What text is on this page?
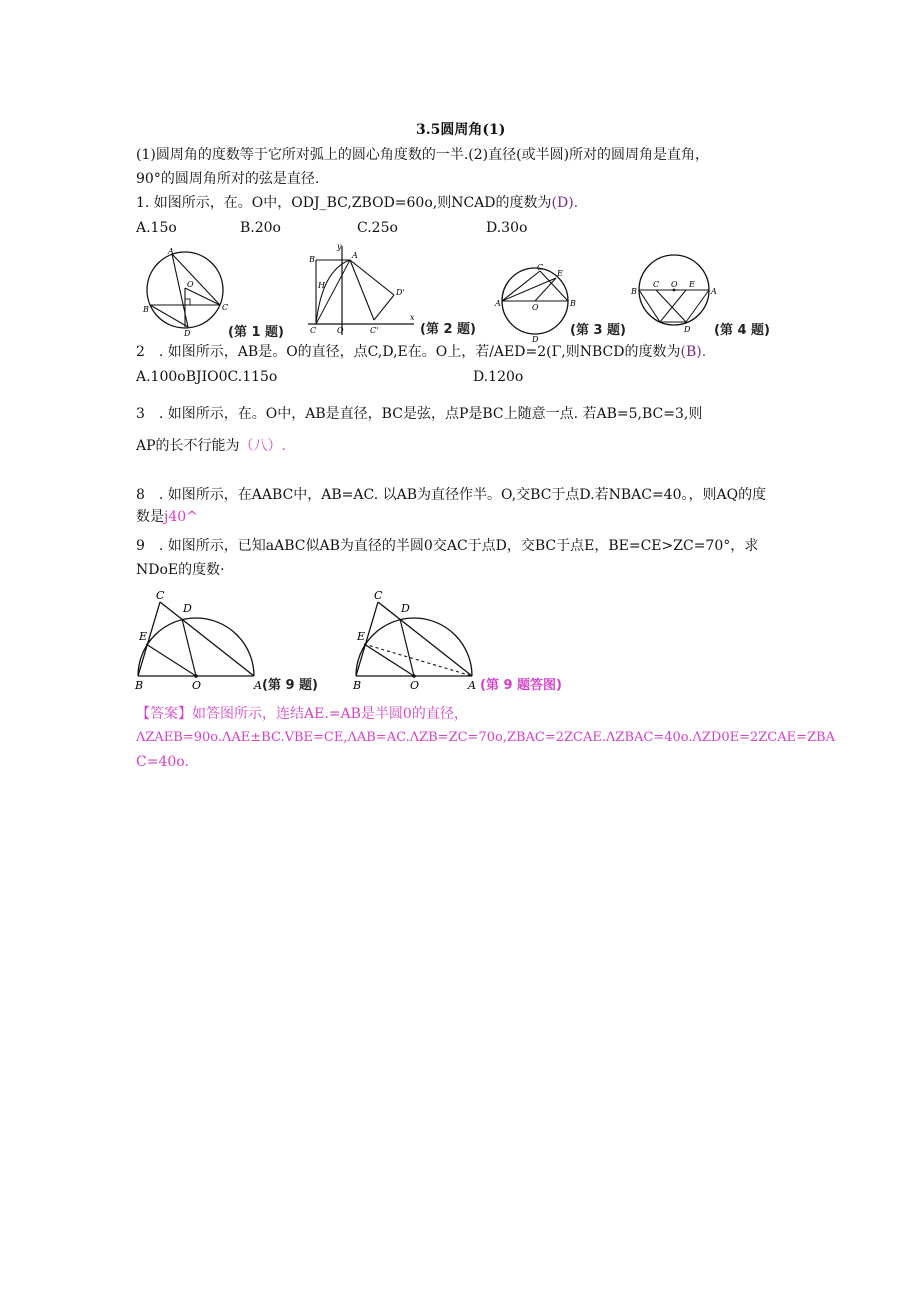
3.5圆周角(1)
(1)圆周角的度数等于它所对弧上的圆心角度数的一半.(2)直径(或半圆)所对的圆周角是直角，
90°的圆周角所对的弦是直径.
1. 如图所示，在。O中，ODJ_BC,ZBOD=60o,则NCAD的度数为(D).
A.15o	B.20o	C.25o	D.30o
A
O
B	C
D	(第 1 题)
y
B	A
H
D'
C	O	C'
x
(第 2 题)
C
E
A	O	B
D
(第 3 题)
B
C O E
A
D (第 4 题)
2　. 如图所示，AB是。O的直径，点C,D,E在。O上，若/AED=2(Γ,则NBCD的度数为(B).
A.100oBJIO0C.115o	D.120o
3　. 如图所示，在。O中，AB是直径，BC是弦，点P是BC上随意一点. 若AB=5,BC=3,则
AP的长不行能为（八）.
8　. 如图所示，在AABC中，AB=AC. 以AB为直径作半。O,交BC于点D.若NBAC=40。，则AQ的度
数是j40^
9　. 如图所示，已知aABC似AB为直径的半圆0交AC于点D，交BC于点E，BE=CE>ZC=70°，求
NDoE的度数·
C
D
E
B	O	A (第 9 题)
C
D
E
B	O	A (第 9 题答图)
【答案】如答图所示，连结AE.=AB是半圆0的直径，
ΛZAEB=90o.ΛAE±BC.VBE=CE,ΛAB=AC.ΛZB=ZC=70o,ZBAC=2ZCAE.ΛZBAC=40o.ΛZD0E=2ZCAE=ZBA
C=40o.
